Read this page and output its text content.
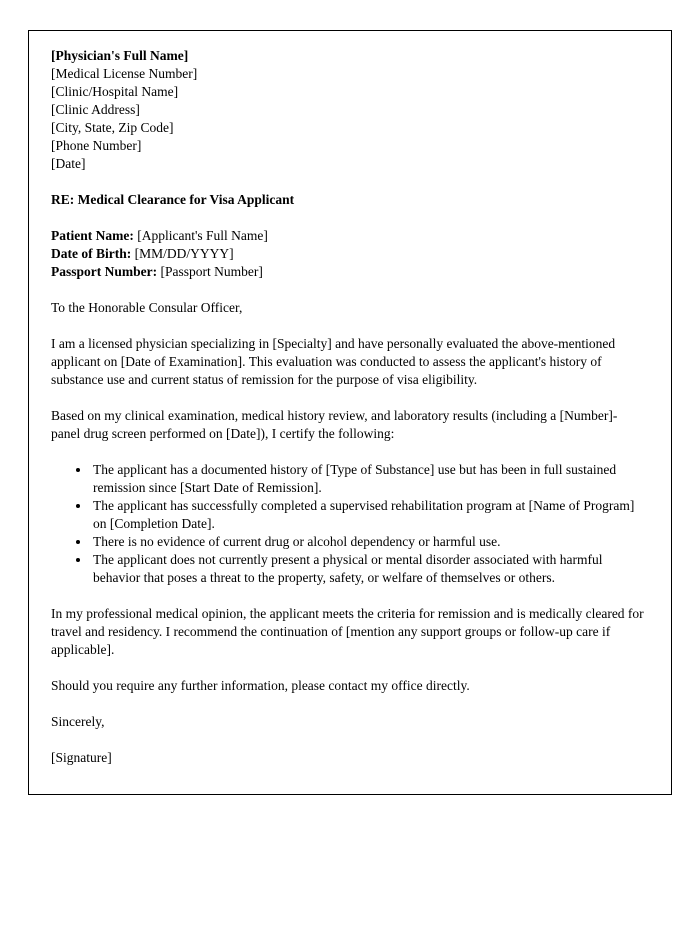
[Physician's Full Name]
[Medical License Number]
[Clinic/Hospital Name]
[Clinic Address]
[City, State, Zip Code]
[Phone Number]
[Date]

RE: Medical Clearance for Visa Applicant

Patient Name: [Applicant's Full Name]
Date of Birth: [MM/DD/YYYY]
Passport Number: [Passport Number]

To the Honorable Consular Officer,

I am a licensed physician specializing in [Specialty] and have personally evaluated the above-mentioned applicant on [Date of Examination]. This evaluation was conducted to assess the applicant's history of substance use and current status of remission for the purpose of visa eligibility.

Based on my clinical examination, medical history review, and laboratory results (including a [Number]-panel drug screen performed on [Date]), I certify the following:

• The applicant has a documented history of [Type of Substance] use but has been in full sustained remission since [Start Date of Remission].
• The applicant has successfully completed a supervised rehabilitation program at [Name of Program] on [Completion Date].
• There is no evidence of current drug or alcohol dependency or harmful use.
• The applicant does not currently present a physical or mental disorder associated with harmful behavior that poses a threat to the property, safety, or welfare of themselves or others.

In my professional medical opinion, the applicant meets the criteria for remission and is medically cleared for travel and residency. I recommend the continuation of [mention any support groups or follow-up care if applicable].

Should you require any further information, please contact my office directly.

Sincerely,

[Signature]
